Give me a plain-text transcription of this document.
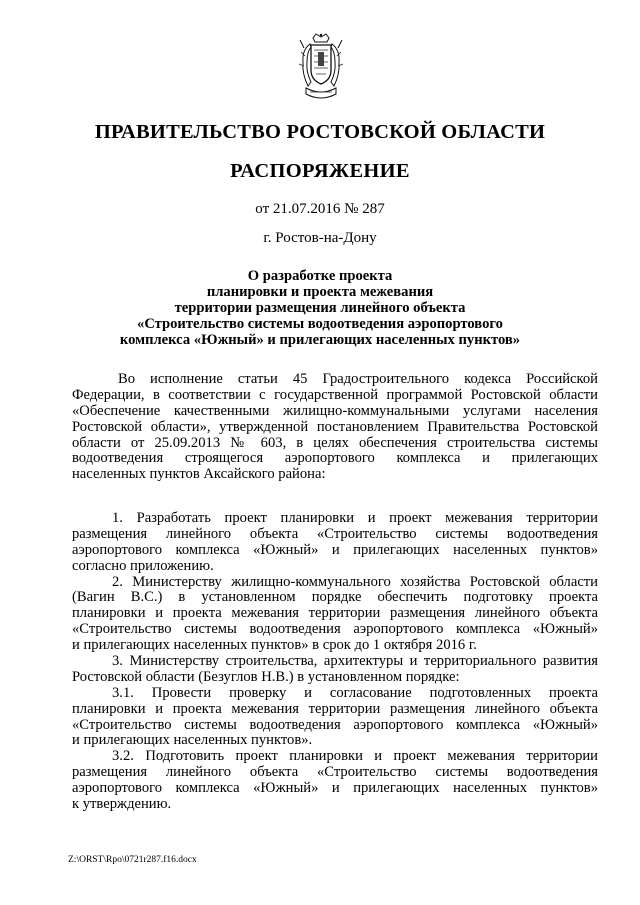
ПРАВИТЕЛЬСТВО РОСТОВСКОЙ ОБЛАСТИ
РАСПОРЯЖЕНИЕ
от 21.07.2016 № 287
г. Ростов-на-Дону
О разработке проекта
планировки и проекта межевания
территории размещения линейного объекта
«Строительство системы водоотведения аэропортового
комплекса «Южный» и прилегающих населенных пунктов»
Во исполнение статьи 45 Градостроительного кодекса Российской
Федерации, в соответствии с государственной программой Ростовской области
«Обеспечение качественными жилищно-коммунальными услугами населения
Ростовской области», утвержденной постановлением Правительства Ростовской
области от 25.09.2013 № 603, в целях обеспечения строительства системы
водоотведения строящегося аэропортового комплекса и прилегающих
населенных пунктов Аксайского района:
1. Разработать проект планировки и проект межевания территории
размещения линейного объекта «Строительство системы водоотведения
аэропортового комплекса «Южный» и прилегающих населенных пунктов»
согласно приложению.
2. Министерству жилищно-коммунального хозяйства Ростовской области
(Вагин В.С.) в установленном порядке обеспечить подготовку проекта
планировки и проекта межевания территории размещения линейного объекта
«Строительство системы водоотведения аэропортового комплекса «Южный»
и прилегающих населенных пунктов» в срок до 1 октября 2016 г.
3. Министерству строительства, архитектуры и территориального развития
Ростовской области (Безуглов Н.В.) в установленном порядке:
3.1. Провести проверку и согласование подготовленных проекта
планировки и проекта межевания территории размещения линейного объекта
«Строительство системы водоотведения аэропортового комплекса «Южный»
и прилегающих населенных пунктов».
3.2. Подготовить проект планировки и проект межевания территории
размещения линейного объекта «Строительство системы водоотведения
аэропортового комплекса «Южный» и прилегающих населенных пунктов»
к утверждению.
Z:\ORST\Rpo\0721r287.f16.docx
